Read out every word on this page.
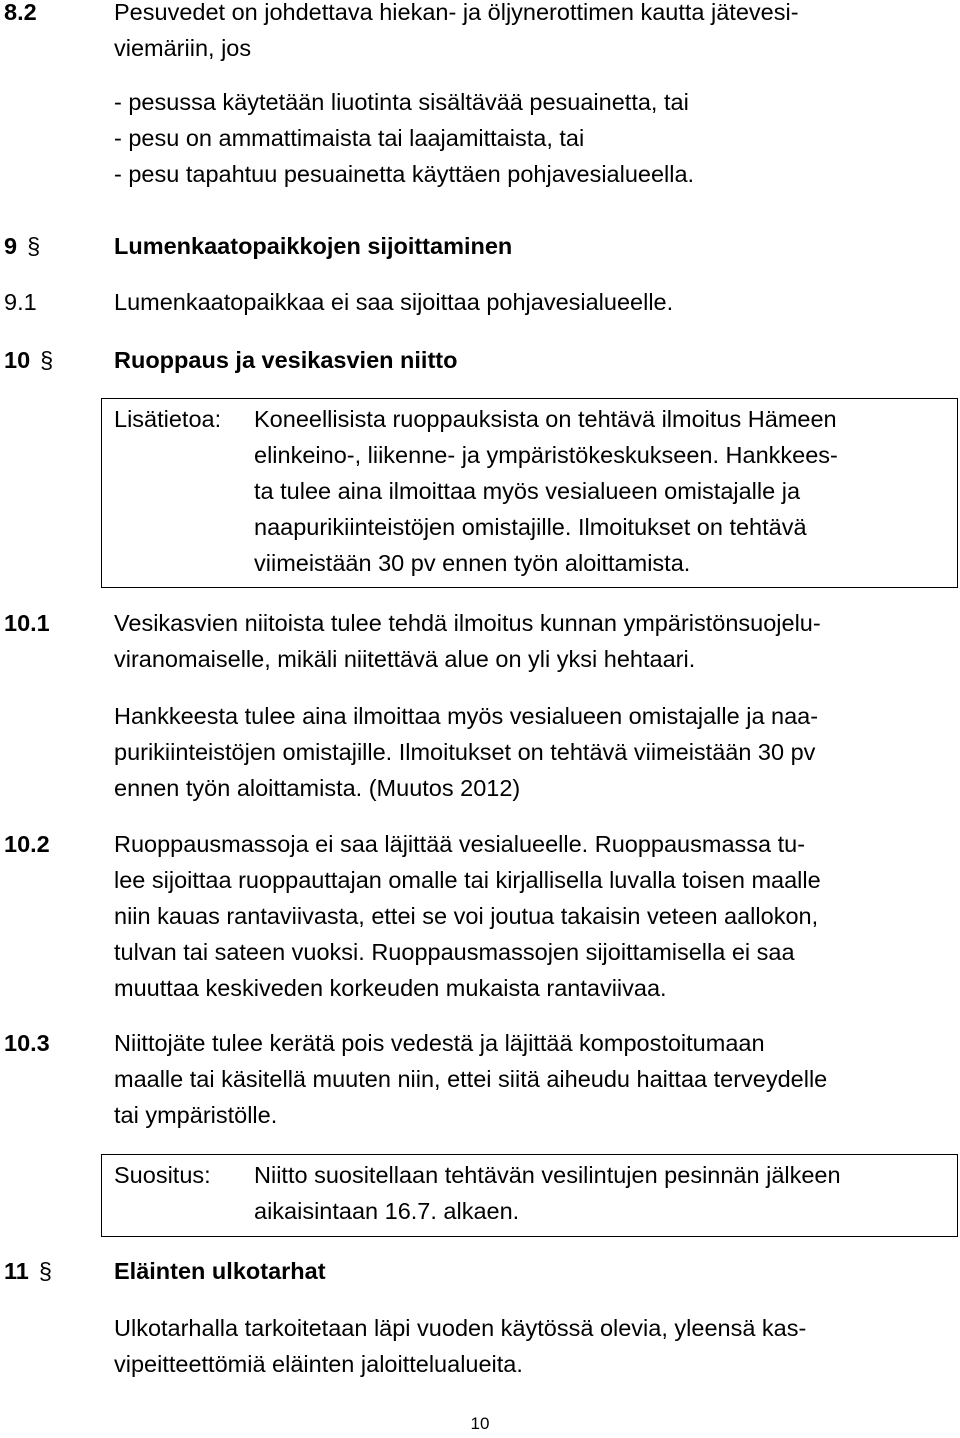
8.2	Pesuvedet on johdettava hiekan- ja öljynerottimen kautta jätevesi-
viemäriin, jos
- pesussa käytetään liuotinta sisältävää pesuainetta, tai
- pesu on ammattimaista tai laajamittaista, tai
- pesu tapahtuu pesuainetta käyttäen pohjavesialueella.
9 §	Lumenkaatopaikkojen sijoittaminen
9.1	Lumenkaatopaikkaa ei saa sijoittaa pohjavesialueelle.
10 §	Ruoppaus ja vesikasvien niitto
Lisätietoa: Koneellisista ruoppauksista on tehtävä ilmoitus Hämeen
elinkeino-, liikenne- ja ympäristökeskukseen. Hankkees-
ta tulee aina ilmoittaa myös vesialueen omistajalle ja
naapurikiinteistöjen omistajille. Ilmoitukset on tehtävä
viimeistään 30 pv ennen työn aloittamista.
10.1	Vesikasvien niitoista tulee tehdä ilmoitus kunnan ympäristönsuojelu-
viranomaiselle, mikäli niitettävä alue on yli yksi hehtaari.
Hankkeesta tulee aina ilmoittaa myös vesialueen omistajalle ja naa-
purikiinteistöjen omistajille. Ilmoitukset on tehtävä viimeistään 30 pv
ennen työn aloittamista. (Muutos 2012)
10.2	Ruoppausmassoja ei saa läjittää vesialueelle. Ruoppausmassa tu-
lee sijoittaa ruoppauttajan omalle tai kirjallisella luvalla toisen maalle
niin kauas rantaviivasta, ettei se voi joutua takaisin veteen aallokon,
tulvan tai sateen vuoksi. Ruoppausmassojen sijoittamisella ei saa
muuttaa keskiveden korkeuden mukaista rantaviivaa.
10.3	Niittojäte tulee kerätä pois vedestä ja läjittää kompostoitumaan
maalle tai käsitellä muuten niin, ettei siitä aiheudu haittaa terveydelle
tai ympäristölle.
Suositus: Niitto suositellaan tehtävän vesilintujen pesinnän jälkeen
aikaisintaan 16.7. alkaen.
11 §	Eläinten ulkotarhat
Ulkotarhalla tarkoitetaan läpi vuoden käytössä olevia, yleensä kas-
vipeitteettömiä eläinten jaloittelualueita.
10
